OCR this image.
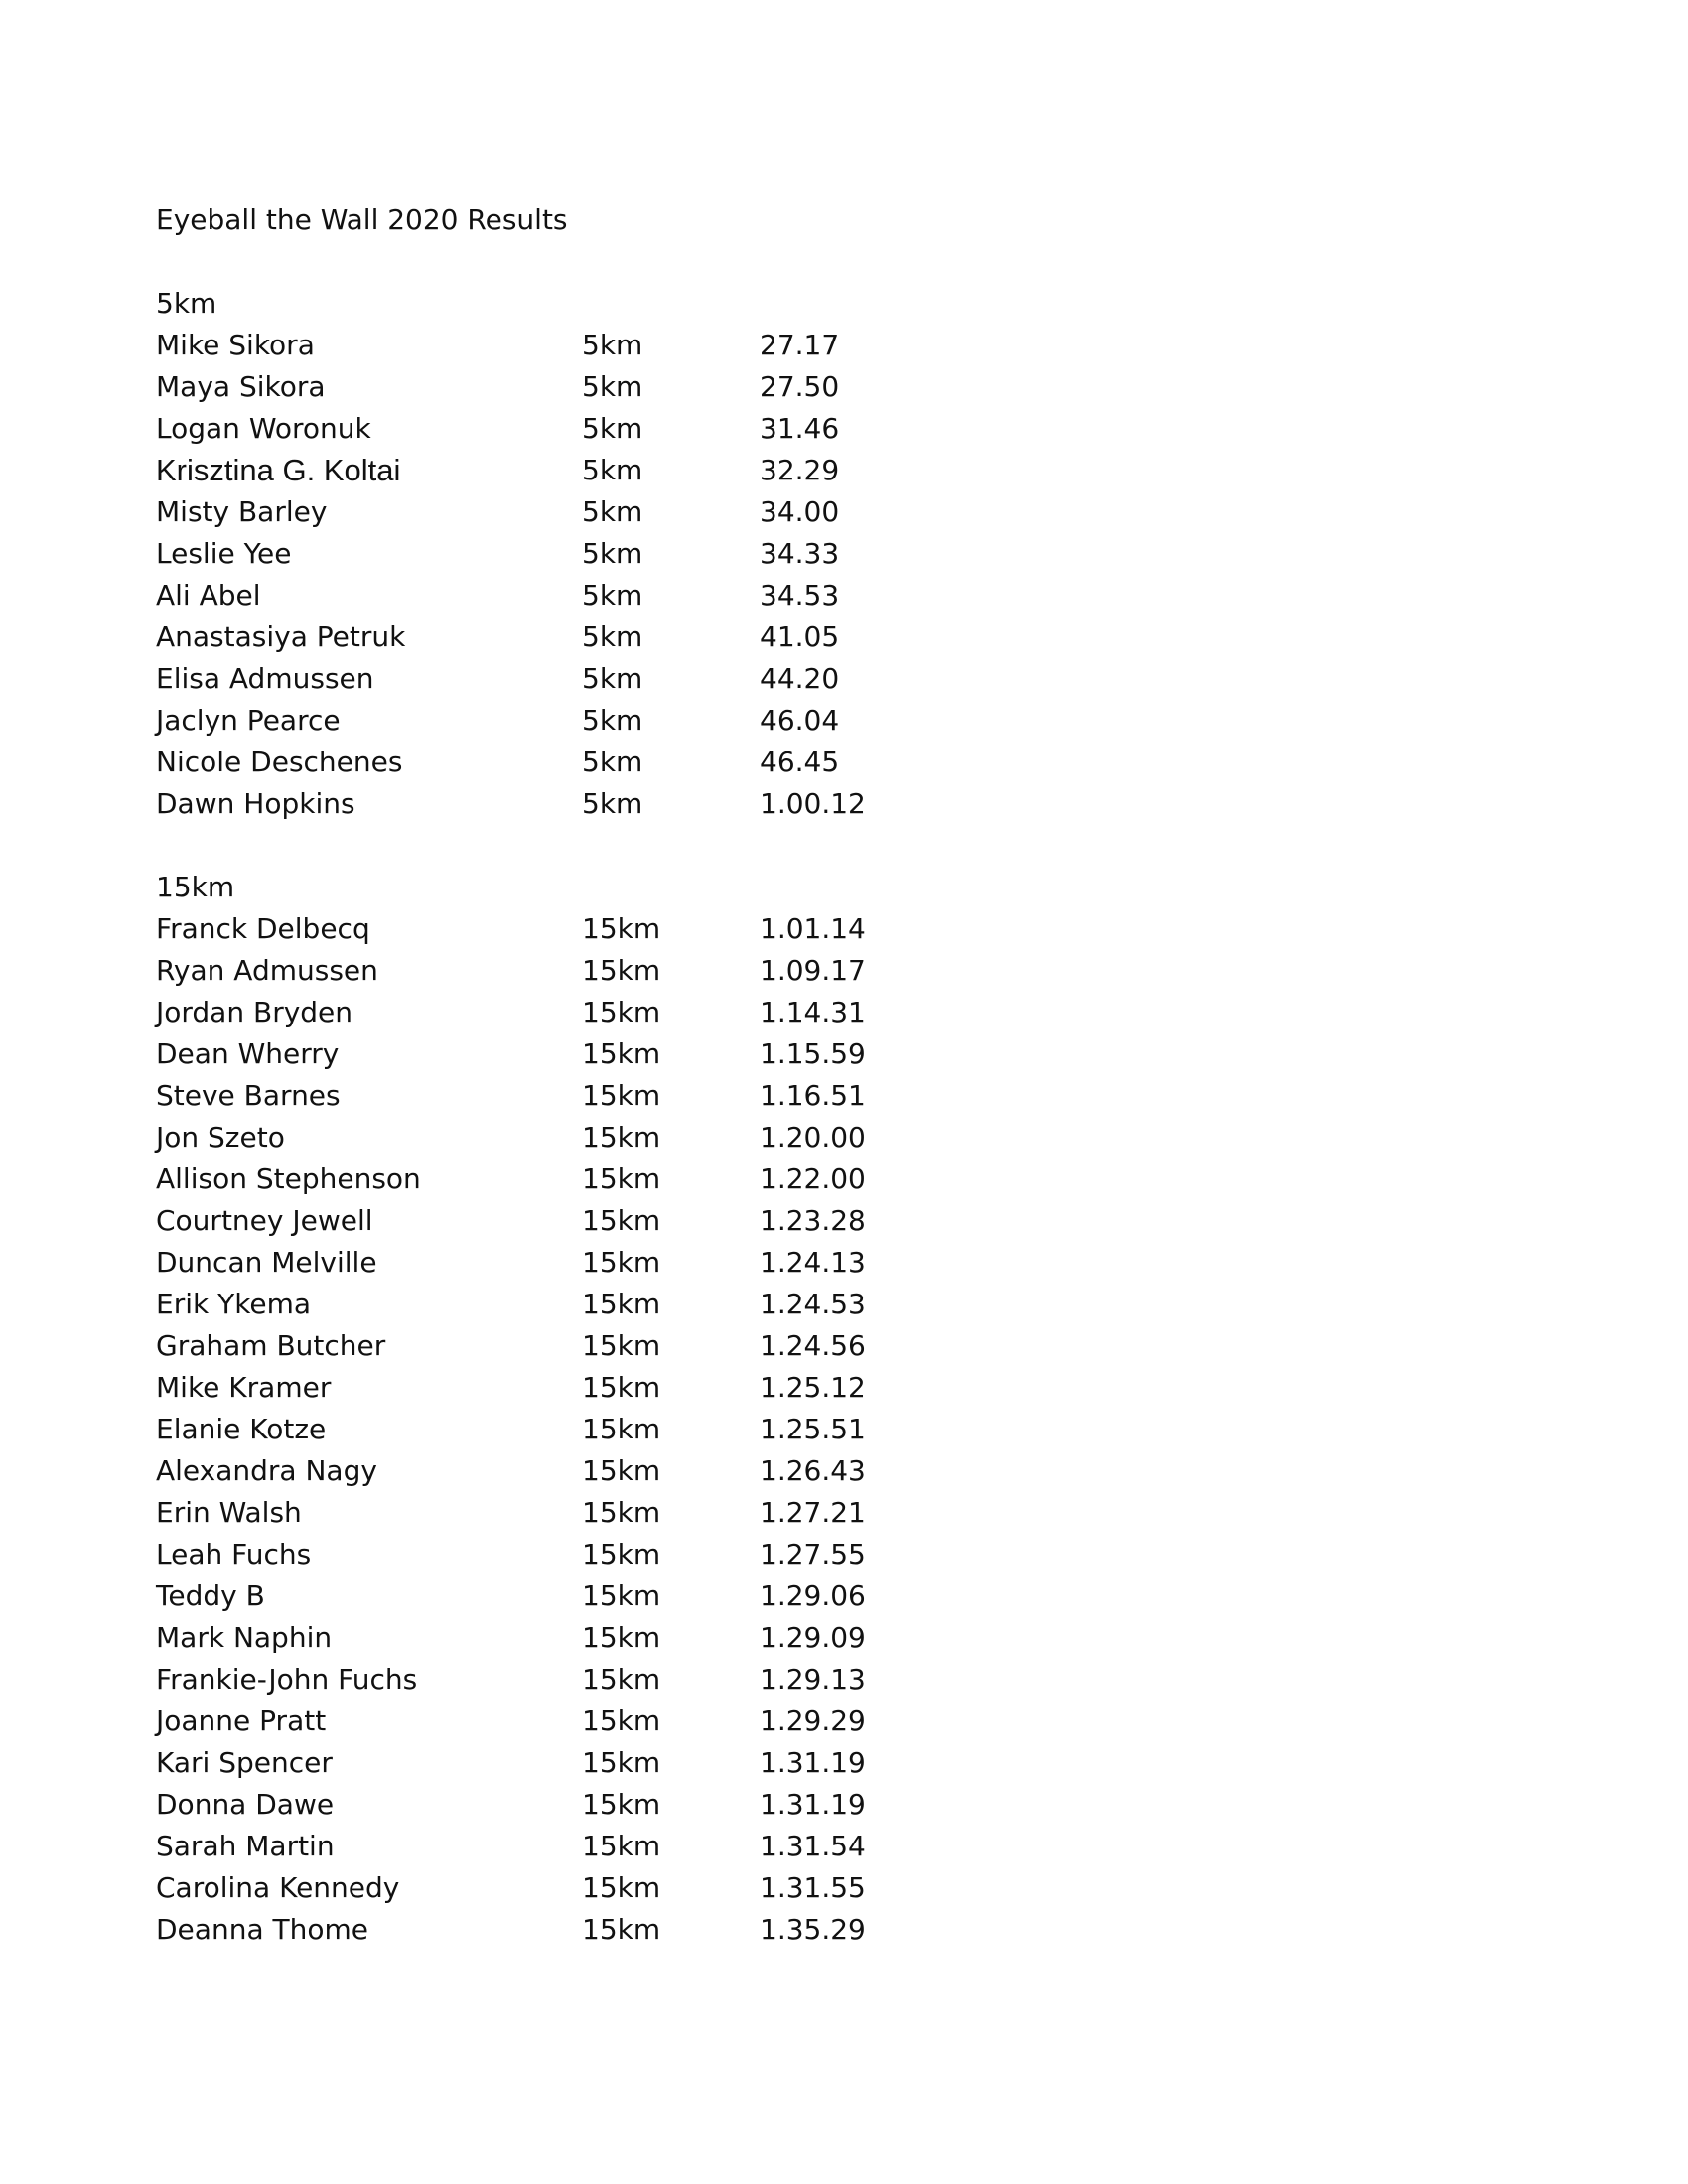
Eyeball the Wall 2020 Results
5km
Mike Sikora	5km	27.17
Maya Sikora	5km	27.50
Logan Woronuk	5km	31.46
Krisztina G. Koltai	5km	32.29
Misty Barley	5km	34.00
Leslie Yee	5km	34.33
Ali Abel	5km	34.53
Anastasiya Petruk	5km	41.05
Elisa Admussen	5km	44.20
Jaclyn Pearce	5km	46.04
Nicole Deschenes	5km	46.45
Dawn Hopkins	5km	1.00.12
15km
Franck Delbecq	15km	1.01.14
Ryan Admussen	15km	1.09.17
Jordan Bryden	15km	1.14.31
Dean Wherry	15km	1.15.59
Steve Barnes	15km	1.16.51
Jon Szeto	15km	1.20.00
Allison Stephenson	15km	1.22.00
Courtney Jewell	15km	1.23.28
Duncan Melville	15km	1.24.13
Erik Ykema	15km	1.24.53
Graham Butcher	15km	1.24.56
Mike Kramer	15km	1.25.12
Elanie Kotze	15km	1.25.51
Alexandra Nagy	15km	1.26.43
Erin Walsh	15km	1.27.21
Leah Fuchs	15km	1.27.55
Teddy B	15km	1.29.06
Mark Naphin	15km	1.29.09
Frankie-John Fuchs	15km	1.29.13
Joanne Pratt	15km	1.29.29
Kari Spencer	15km	1.31.19
Donna Dawe	15km	1.31.19
Sarah Martin	15km	1.31.54
Carolina Kennedy	15km	1.31.55
Deanna Thome	15km	1.35.29
